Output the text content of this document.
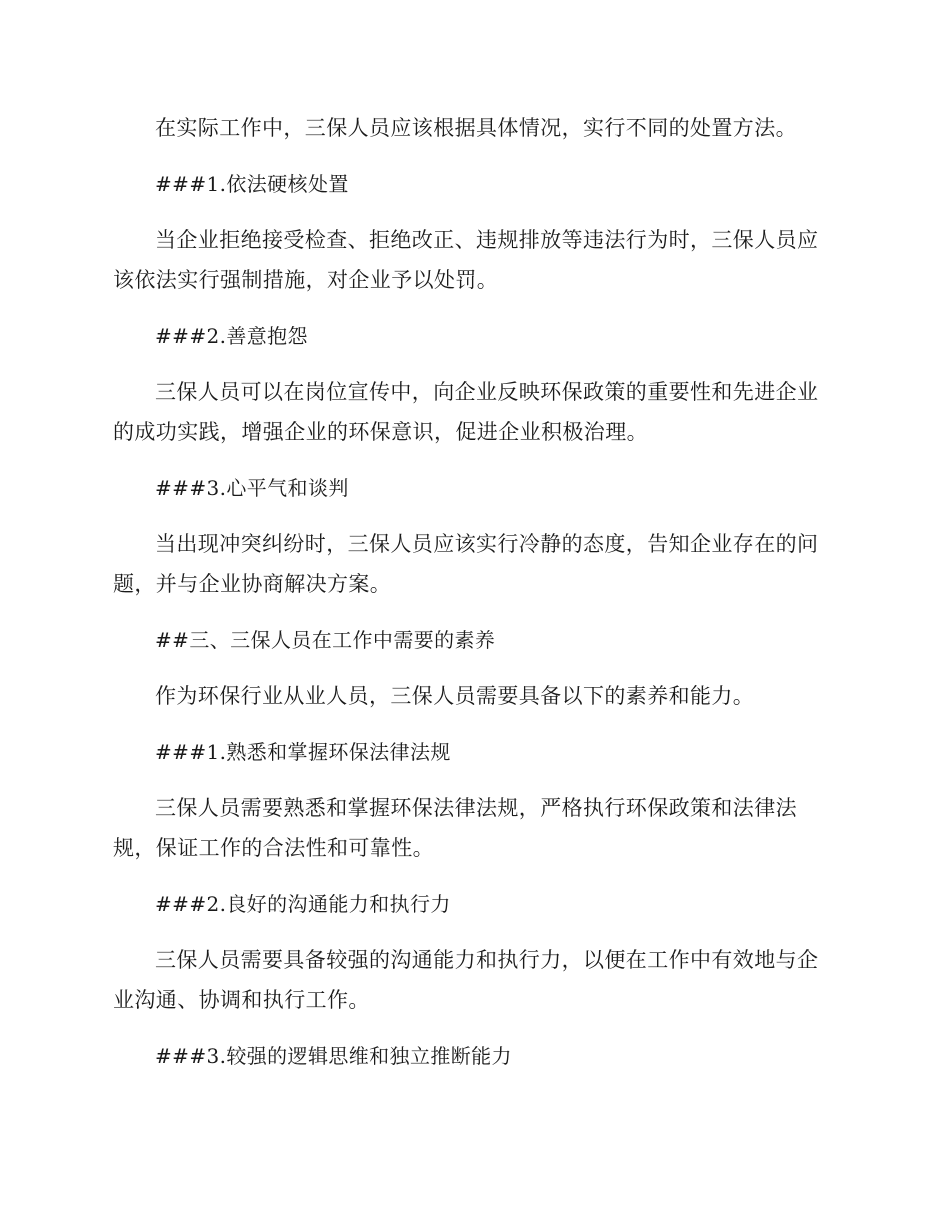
在实际工作中，三保人员应该根据具体情况，实行不同的处置方法。

###1.依法硬核处置

当企业拒绝接受检查、拒绝改正、违规排放等违法行为时，三保人员应该依法实行强制措施，对企业予以处罚。

###2.善意抱怨

三保人员可以在岗位宣传中，向企业反映环保政策的重要性和先进企业的成功实践，增强企业的环保意识，促进企业积极治理。

###3.心平气和谈判

当出现冲突纠纷时，三保人员应该实行冷静的态度，告知企业存在的问题，并与企业协商解决方案。

##三、三保人员在工作中需要的素养

作为环保行业从业人员，三保人员需要具备以下的素养和能力。

###1.熟悉和掌握环保法律法规

三保人员需要熟悉和掌握环保法律法规，严格执行环保政策和法律法规，保证工作的合法性和可靠性。

###2.良好的沟通能力和执行力

三保人员需要具备较强的沟通能力和执行力，以便在工作中有效地与企业沟通、协调和执行工作。

###3.较强的逻辑思维和独立推断能力
